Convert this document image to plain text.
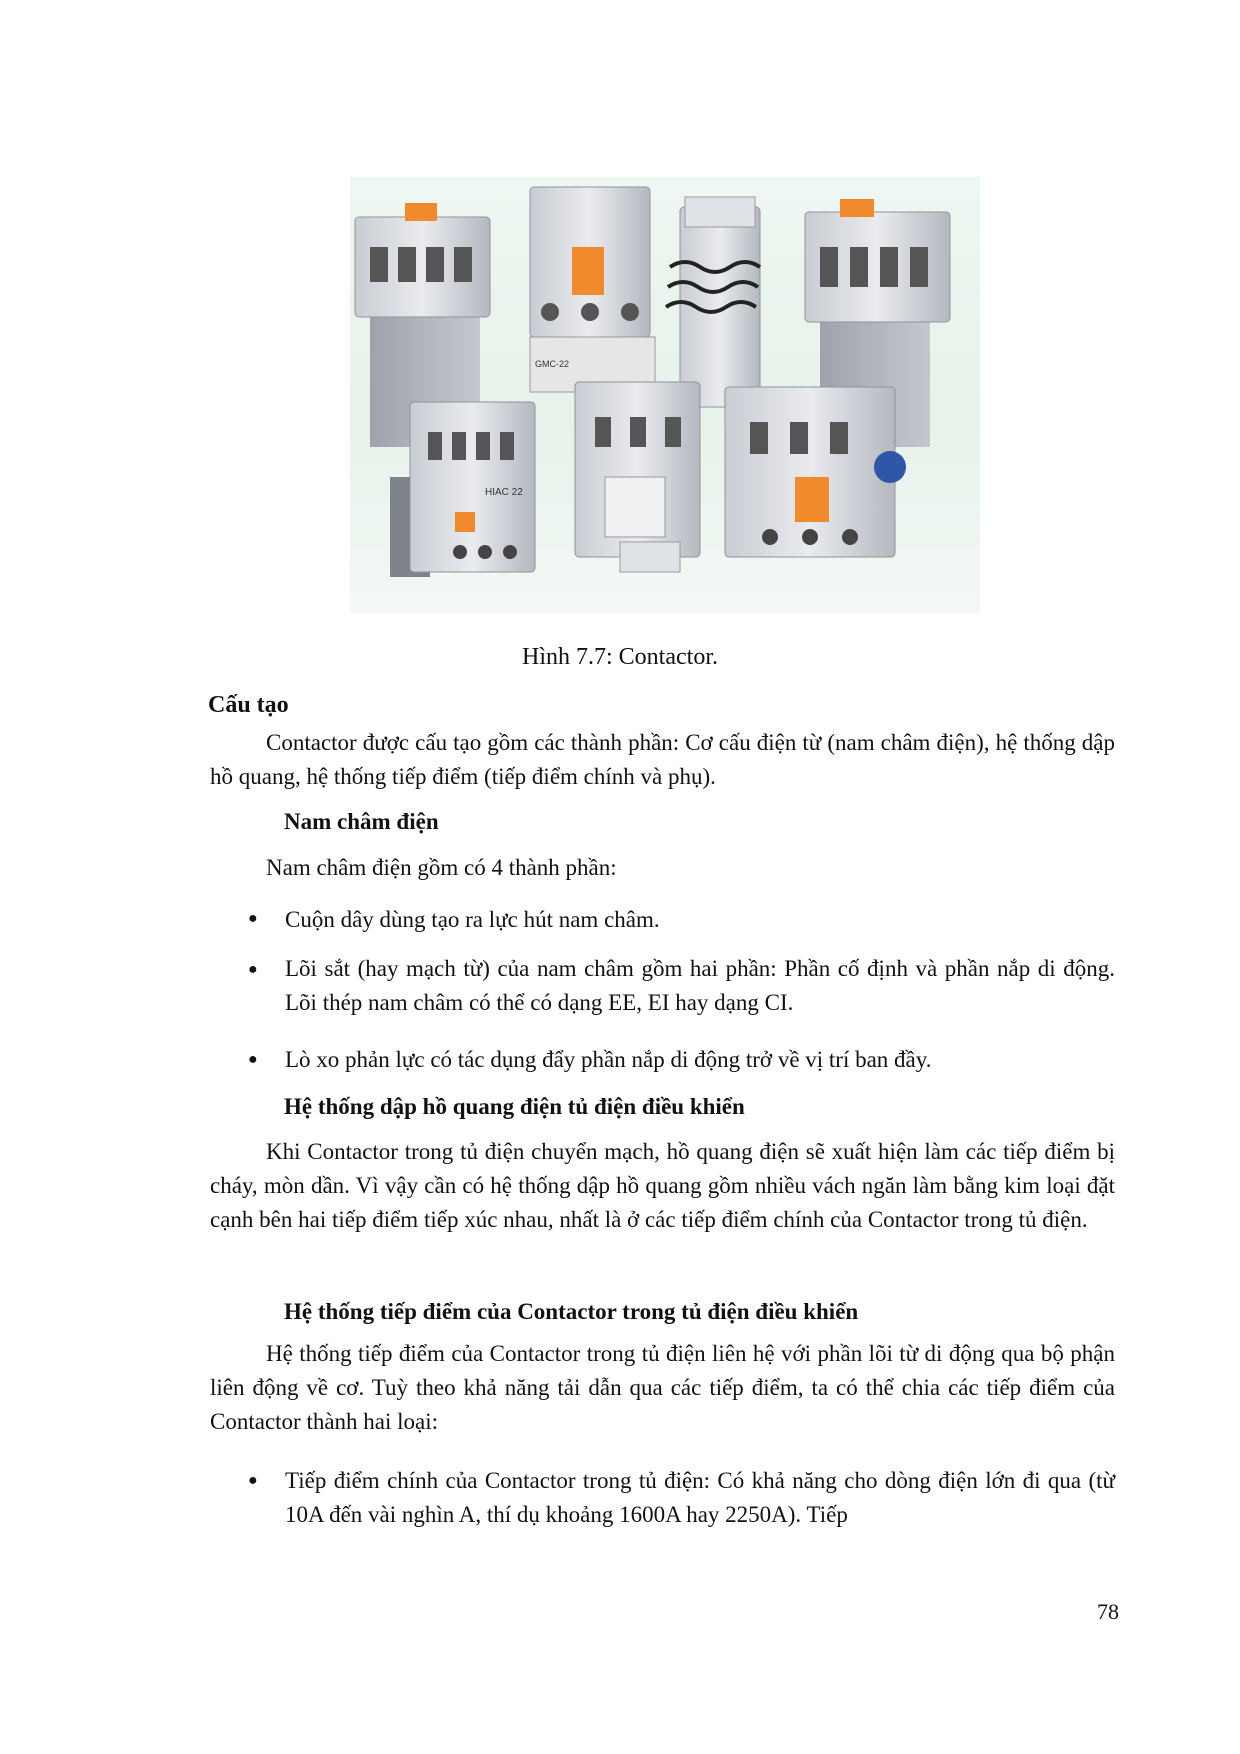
GMC-22
HIAC 22
Hình 7.7: Contactor.
Cấu tạo
Contactor được cấu tạo gồm các thành phần: Cơ cấu điện từ (nam châm điện), hệ thống dập hồ quang, hệ thống tiếp điểm (tiếp điểm chính và phụ).
Nam châm điện
Nam châm điện gồm có 4 thành phần:
● Cuộn dây dùng tạo ra lực hút nam châm.
● Lõi sắt (hay mạch từ) của nam châm gồm hai phần: Phần cố định và phần nắp di động. Lõi thép nam châm có thể có dạng EE, EI hay dạng CI.
● Lò xo phản lực có tác dụng đẩy phần nắp di động trở về vị trí ban đầy.
Hệ thống dập hồ quang điện tủ điện điều khiển
Khi Contactor trong tủ điện chuyển mạch, hồ quang điện sẽ xuất hiện làm các tiếp điểm bị cháy, mòn dần. Vì vậy cần có hệ thống dập hồ quang gồm nhiều vách ngăn làm bằng kim loại đặt cạnh bên hai tiếp điểm tiếp xúc nhau, nhất là ở các tiếp điểm chính của Contactor trong tủ điện.
Hệ thống tiếp điểm của Contactor trong tủ điện điều khiển
Hệ thống tiếp điểm của Contactor trong tủ điện liên hệ với phần lõi từ di động qua bộ phận liên động về cơ. Tuỳ theo khả năng tải dẫn qua các tiếp điểm, ta có thể chia các tiếp điểm của Contactor thành hai loại:
● Tiếp điểm chính của Contactor trong tủ điện: Có khả năng cho dòng điện lớn đi qua (từ 10A đến vài nghìn A, thí dụ khoảng 1600A hay 2250A). Tiếp
78
